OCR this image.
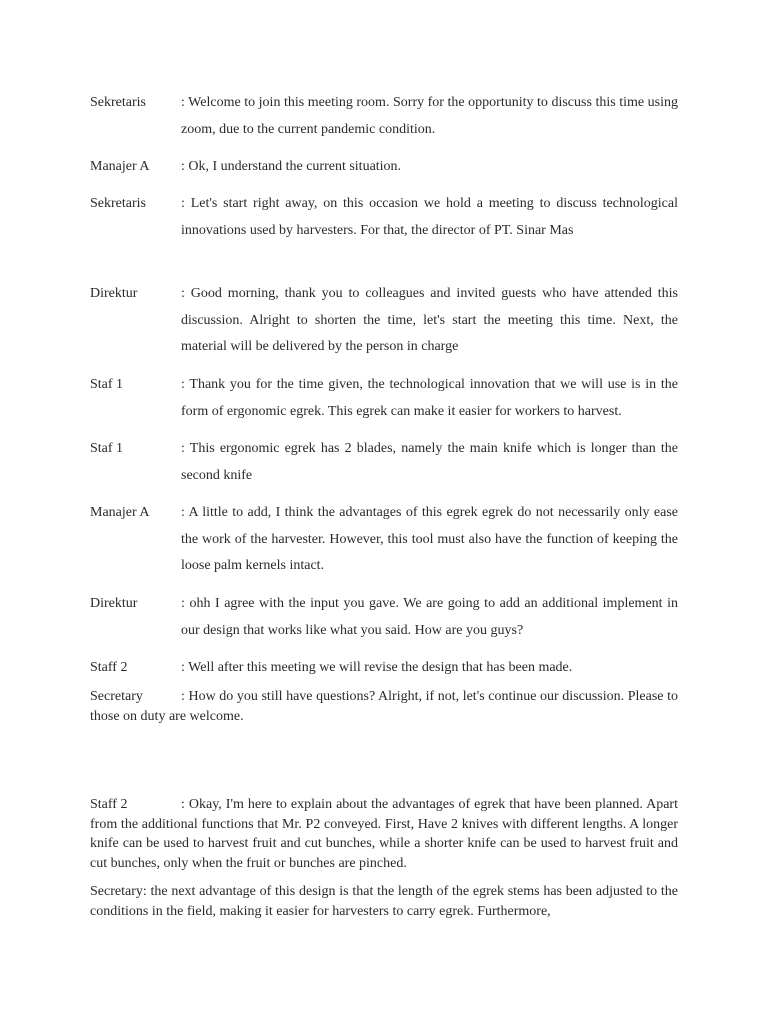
Sekretaris	: Welcome to join this meeting room. Sorry for the opportunity to discuss this time using zoom, due to the current pandemic condition.
Manajer A : Ok, I understand the current situation.
Sekretaris	: Let's start right away, on this occasion we hold a meeting to discuss technological innovations used by harvesters. For that, the director of PT. Sinar Mas
Direktur	: Good morning, thank you to colleagues and invited guests who have attended this discussion. Alright to shorten the time, let's start the meeting this time. Next, the material will be delivered by the person in charge
Staf 1	: Thank you for the time given, the technological innovation that we will use is in the form of ergonomic egrek. This egrek can make it easier for workers to harvest.
Staf 1	: This ergonomic egrek has 2 blades, namely the main knife which is longer than the second knife
Manajer A : A little to add, I think the advantages of this egrek egrek do not necessarily only ease the work of the harvester. However, this tool must also have the function of keeping the loose palm kernels intact.
Direktur	: ohh I agree with the input you gave. We are going to add an additional implement in our design that works like what you said. How are you guys?
Staff 2	: Well after this meeting we will revise the design that has been made.
Secretary	: How do you still have questions? Alright, if not, let's continue our discussion. Please to those on duty are welcome.
Staff 2	: Okay, I'm here to explain about the advantages of egrek that have been planned. Apart from the additional functions that Mr. P2 conveyed. First, Have 2 knives with different lengths. A longer knife can be used to harvest fruit and cut bunches, while a shorter knife can be used to harvest fruit and cut bunches, only when the fruit or bunches are pinched.
Secretary: the next advantage of this design is that the length of the egrek stems has been adjusted to the conditions in the field, making it easier for harvesters to carry egrek. Furthermore,
